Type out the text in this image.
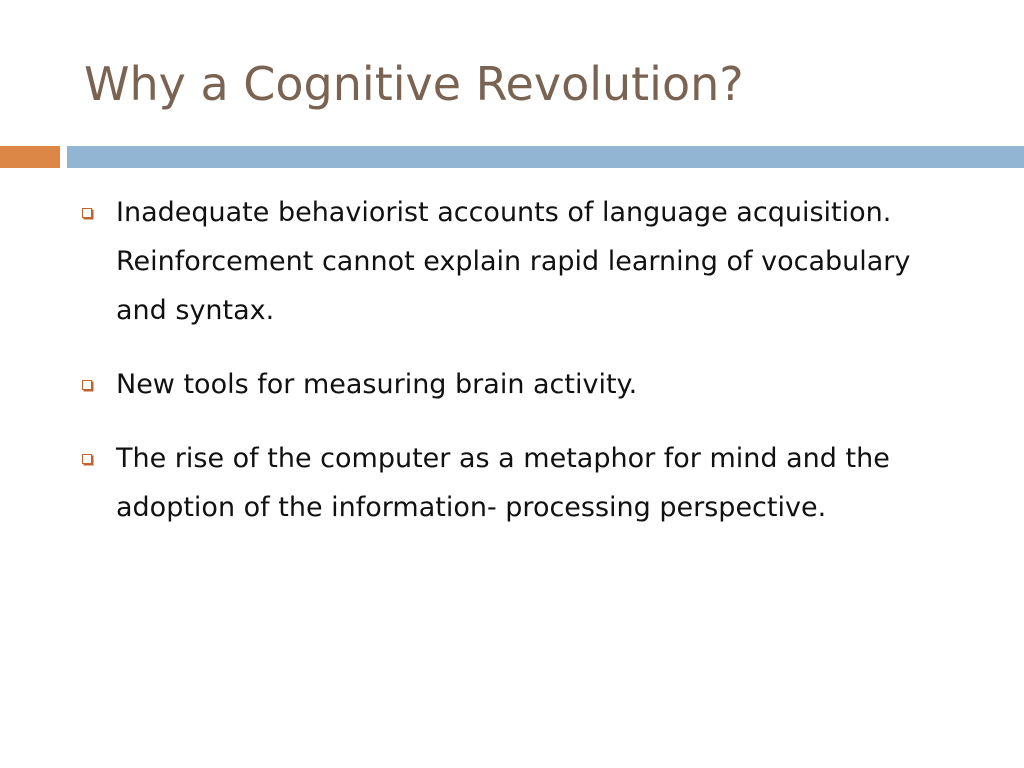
Why a Cognitive Revolution?
Inadequate behaviorist accounts of language acquisition. Reinforcement cannot explain rapid learning of vocabulary and syntax.
New tools for measuring brain activity.
The rise of the computer as a metaphor for mind and the adoption of the information- processing perspective.
